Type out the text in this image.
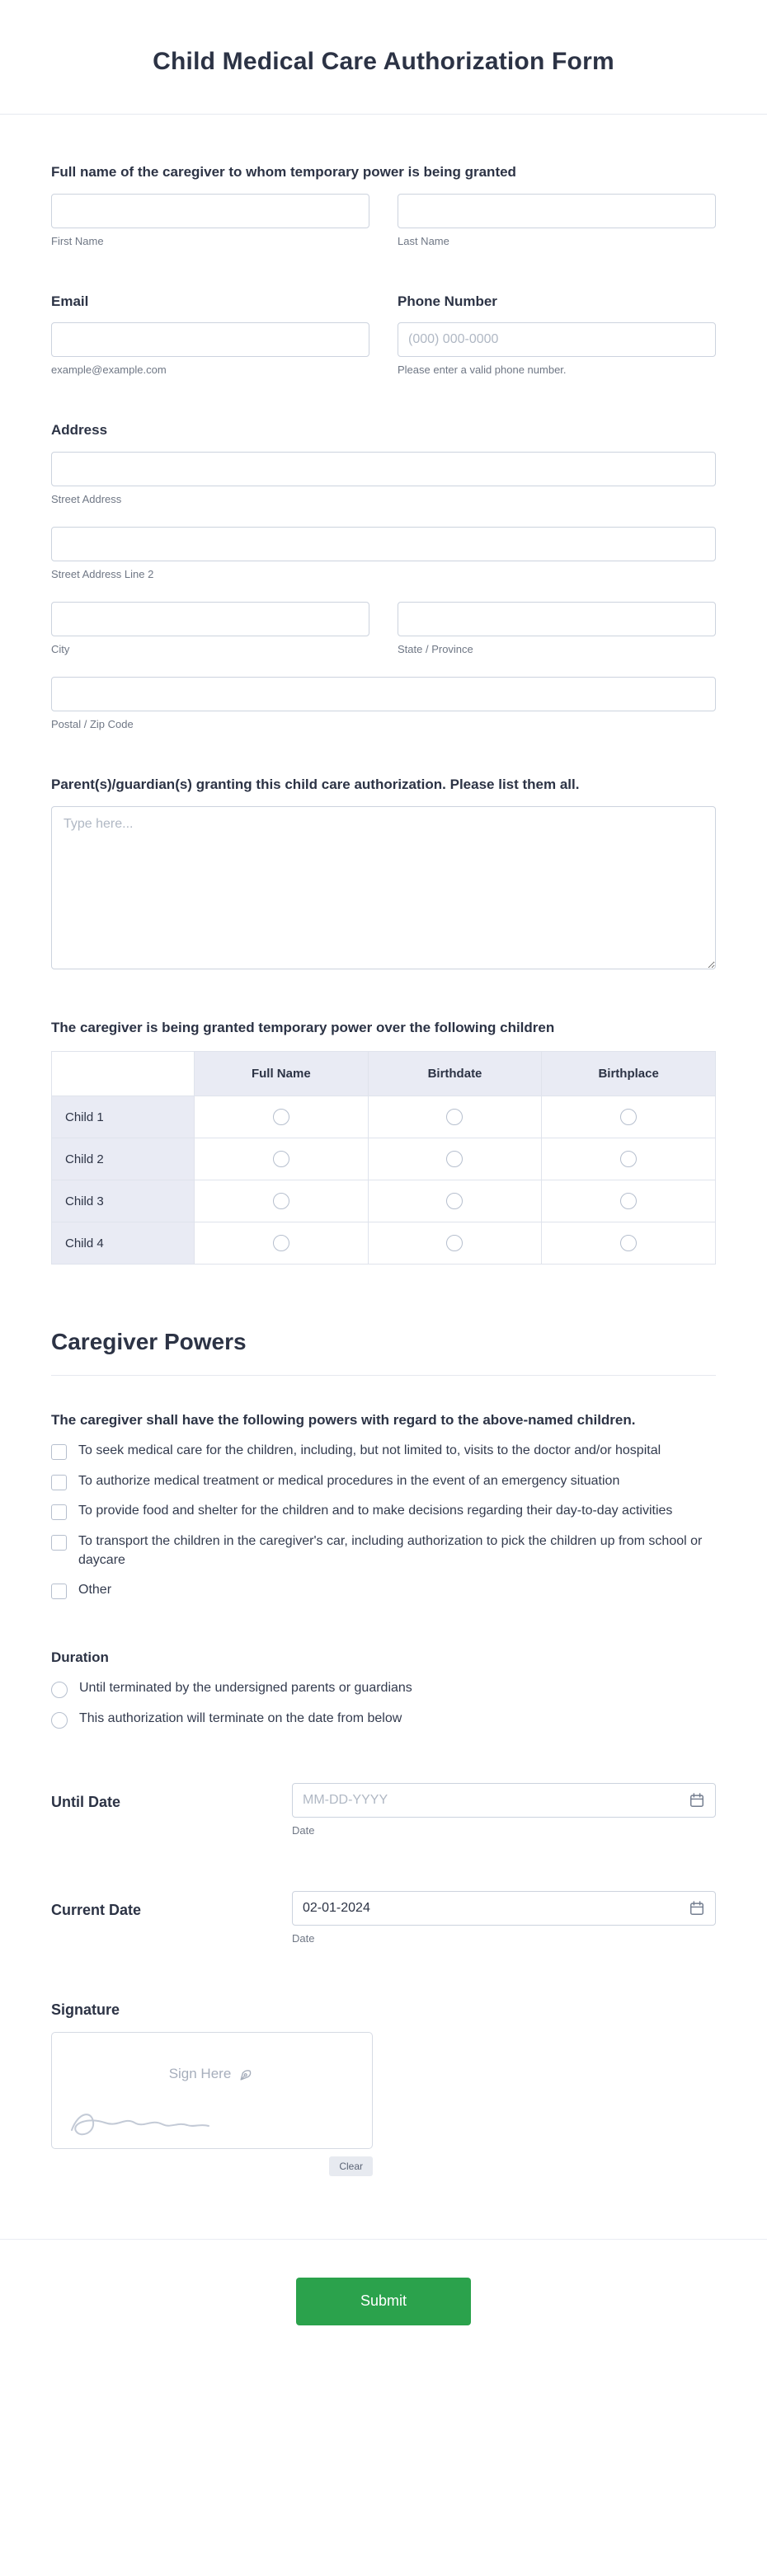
Child Medical Care Authorization Form
Full name of the caregiver to whom temporary power is being granted
First Name	Last Name
Email
example@example.com
Phone Number
(000) 000-0000
Please enter a valid phone number.
Address
Street Address
Street Address Line 2
City	State / Province
Postal / Zip Code
Parent(s)/guardian(s) granting this child care authorization. Please list them all.
Type here...
The caregiver is being granted temporary power over the following children
	Full Name	Birthdate	Birthplace
Child 1			
Child 2			
Child 3			
Child 4			
Caregiver Powers
The caregiver shall have the following powers with regard to the above-named children.
To seek medical care for the children, including, but not limited to, visits to the doctor and/or hospital
To authorize medical treatment or medical procedures in the event of an emergency situation
To provide food and shelter for the children and to make decisions regarding their day-to-day activities
To transport the children in the caregiver's car, including authorization to pick the children up from school or daycare
Other
Duration
Until terminated by the undersigned parents or guardians
This authorization will terminate on the date from below
Until Date
MM-DD-YYYY
Date
Current Date
02-01-2024
Date
Signature
Sign Here
Clear
Submit
